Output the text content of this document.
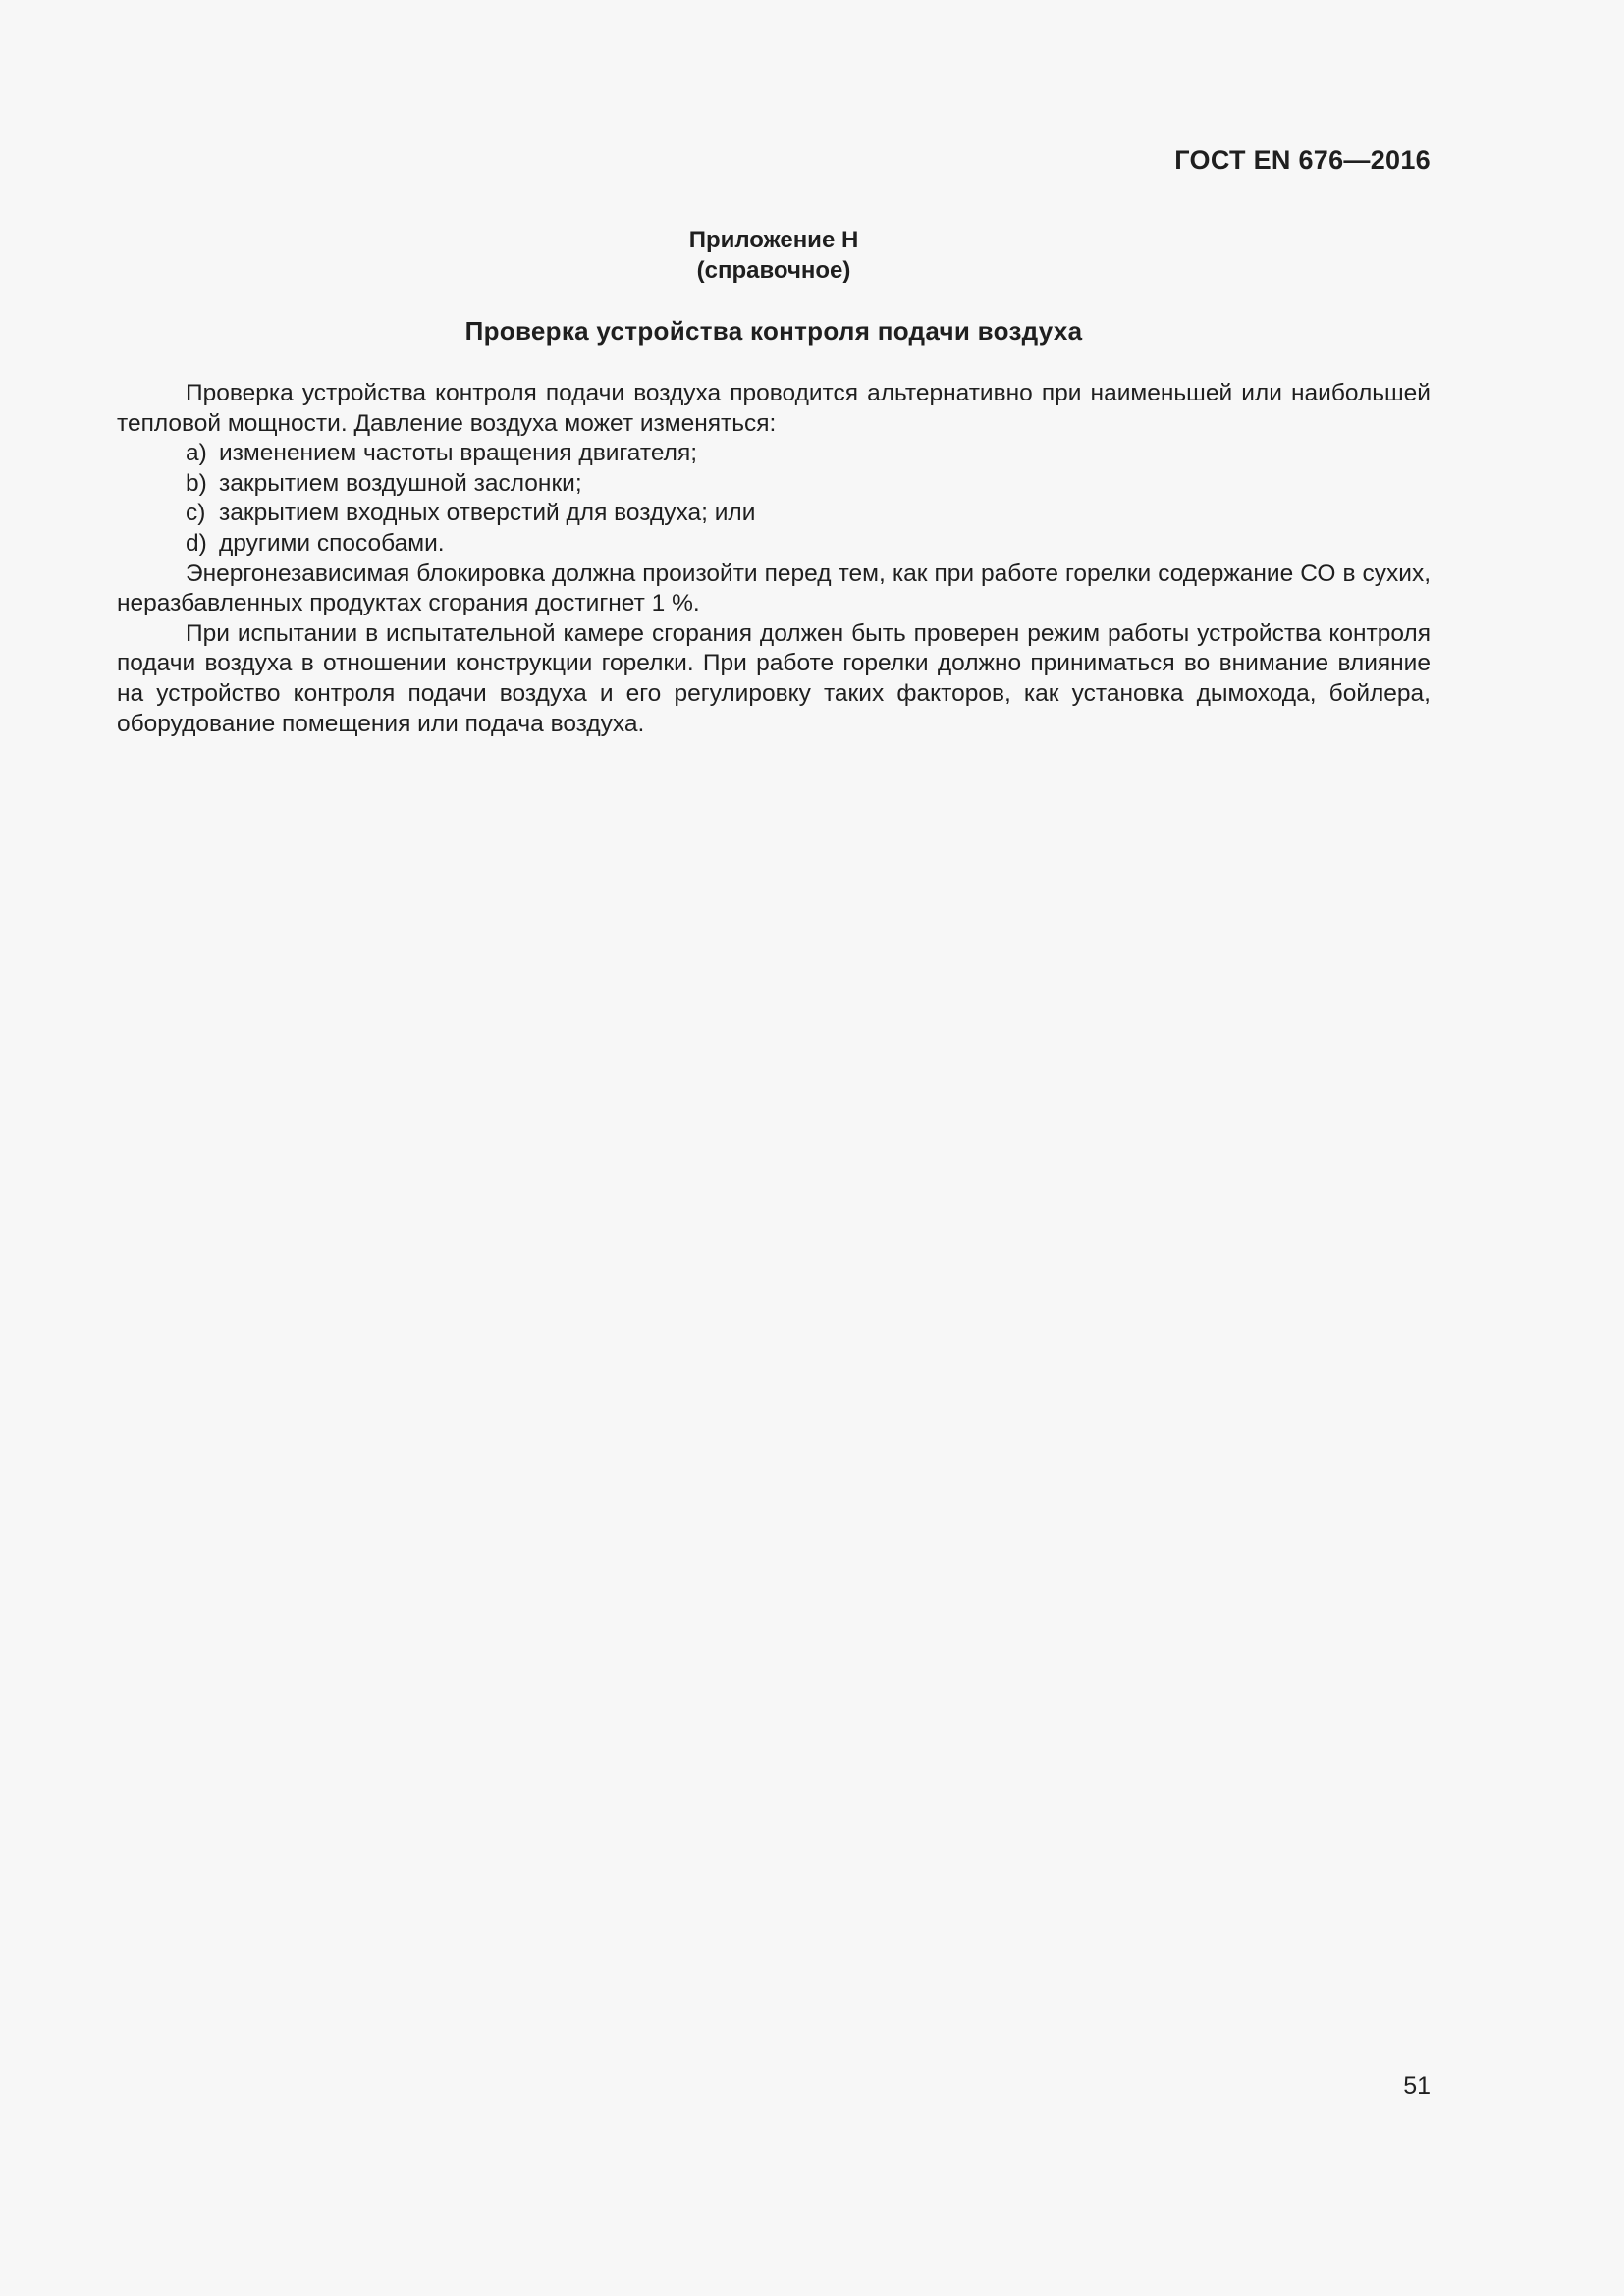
ГОСТ EN 676—2016
Приложение Н
(справочное)
Проверка устройства контроля подачи воздуха

Проверка устройства контроля подачи воздуха проводится альтернативно при наименьшей или наибольшей тепловой мощности. Давление воздуха может изменяться:

a) изменением частоты вращения двигателя;
b) закрытием воздушной заслонки;
c) закрытием входных отверстий для воздуха; или
d) другими способами.

Энергонезависимая блокировка должна произойти перед тем, как при работе горелки содержание СО в сухих, неразбавленных продуктах сгорания достигнет 1 %.

При испытании в испытательной камере сгорания должен быть проверен режим работы устройства контроля подачи воздуха в отношении конструкции горелки. При работе горелки должно приниматься во внимание влияние на устройство контроля подачи воздуха и его регулировку таких факторов, как установка дымохода, бойлера, оборудование помещения или подача воздуха.

51
